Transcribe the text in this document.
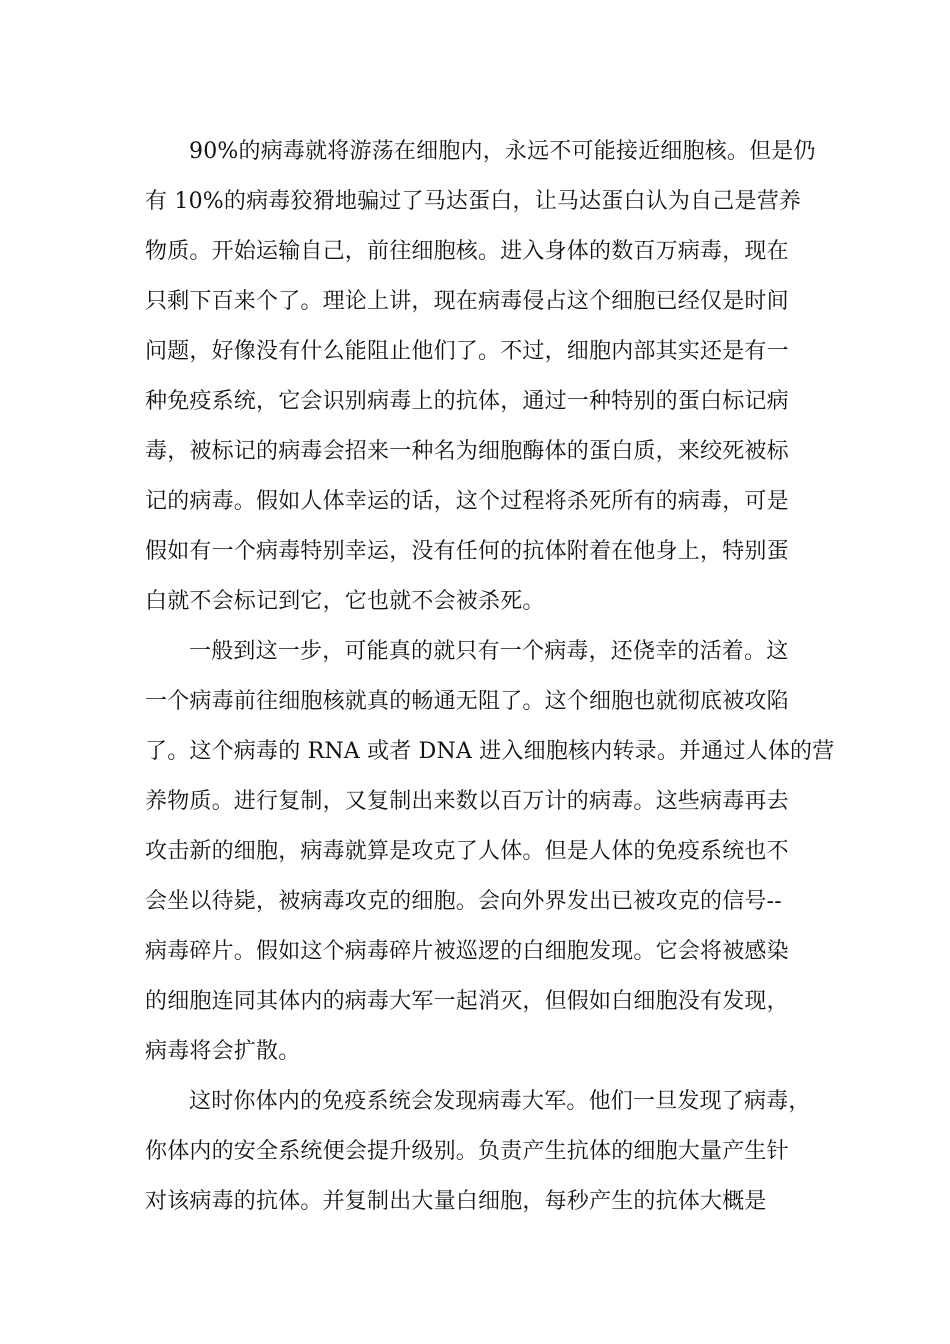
90%的病毒就将游荡在细胞内，永远不可能接近细胞核。但是仍
有 10%的病毒狡猾地骗过了马达蛋白，让马达蛋白认为自己是营养
物质。开始运输自己，前往细胞核。进入身体的数百万病毒，现在
只剩下百来个了。理论上讲，现在病毒侵占这个细胞已经仅是时间
问题，好像没有什么能阻止他们了。不过，细胞内部其实还是有一
种免疫系统，它会识别病毒上的抗体，通过一种特别的蛋白标记病
毒，被标记的病毒会招来一种名为细胞酶体的蛋白质，来绞死被标
记的病毒。假如人体幸运的话，这个过程将杀死所有的病毒，可是
假如有一个病毒特别幸运，没有任何的抗体附着在他身上，特别蛋
白就不会标记到它，它也就不会被杀死。
一般到这一步，可能真的就只有一个病毒，还侥幸的活着。这
一个病毒前往细胞核就真的畅通无阻了。这个细胞也就彻底被攻陷
了。这个病毒的 RNA 或者 DNA 进入细胞核内转录。并通过人体的营
养物质。进行复制，又复制出来数以百万计的病毒。这些病毒再去
攻击新的细胞，病毒就算是攻克了人体。但是人体的免疫系统也不
会坐以待毙，被病毒攻克的细胞。会向外界发出已被攻克的信号--
病毒碎片。假如这个病毒碎片被巡逻的白细胞发现。它会将被感染
的细胞连同其体内的病毒大军一起消灭，但假如白细胞没有发现，
病毒将会扩散。
这时你体内的免疫系统会发现病毒大军。他们一旦发现了病毒，
你体内的安全系统便会提升级别。负责产生抗体的细胞大量产生针
对该病毒的抗体。并复制出大量白细胞，每秒产生的抗体大概是
